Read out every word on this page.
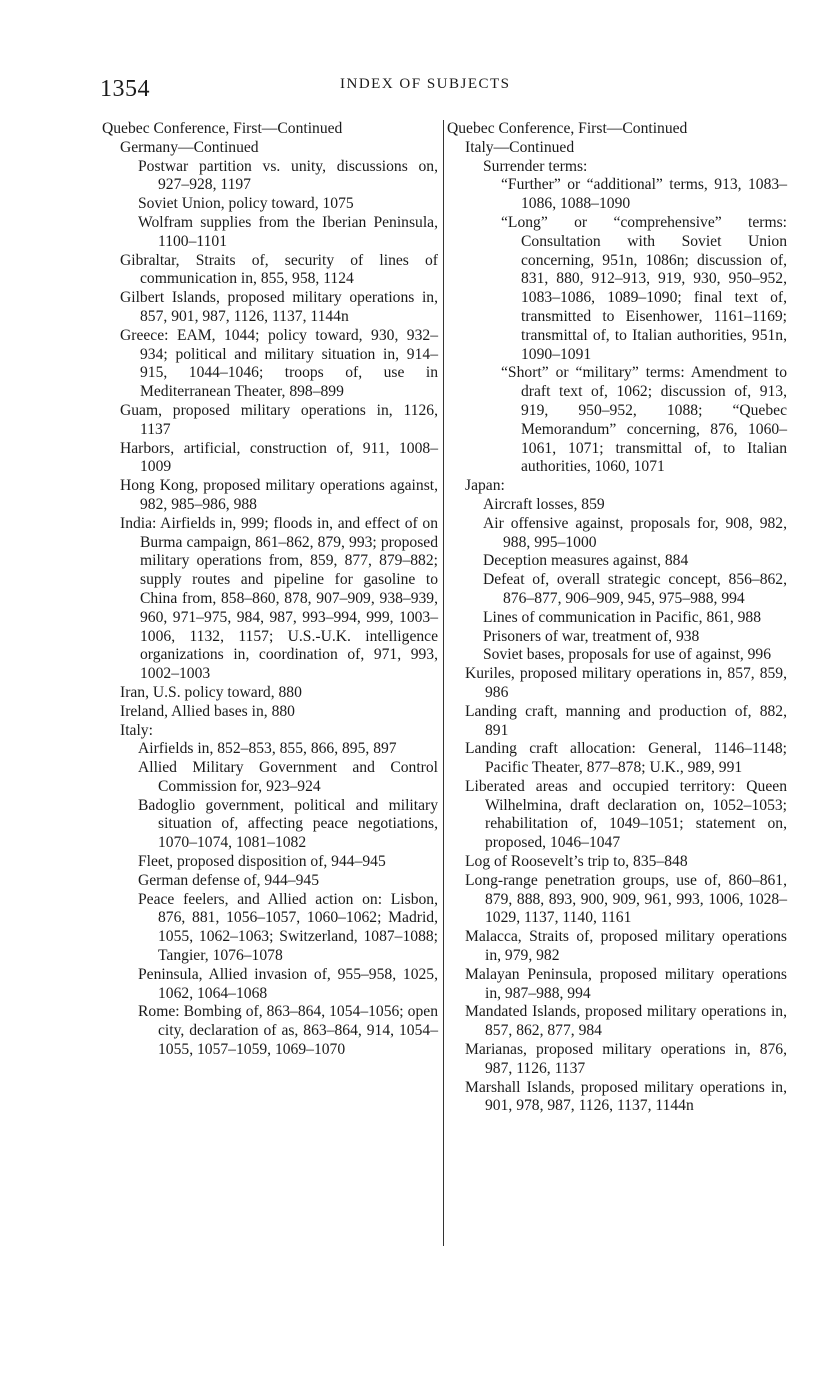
1354	INDEX OF SUBJECTS
Quebec Conference, First—Continued
Germany—Continued
Postwar partition vs. unity, discussions on, 927–928, 1197
Soviet Union, policy toward, 1075
Wolfram supplies from the Iberian Peninsula, 1100–1101
Gibraltar, Straits of, security of lines of communication in, 855, 958, 1124
Gilbert Islands, proposed military operations in, 857, 901, 987, 1126, 1137, 1144n
Greece: EAM, 1044; policy toward, 930, 932–934; political and military situation in, 914–915, 1044–1046; troops of, use in Mediterranean Theater, 898–899
Guam, proposed military operations in, 1126, 1137
Harbors, artificial, construction of, 911, 1008–1009
Hong Kong, proposed military operations against, 982, 985–986, 988
India: Airfields in, 999; floods in, and effect of on Burma campaign, 861–862, 879, 993; proposed military operations from, 859, 877, 879–882; supply routes and pipeline for gasoline to China from, 858–860, 878, 907–909, 938–939, 960, 971–975, 984, 987, 993–994, 999, 1003–1006, 1132, 1157; U.S.-U.K. intelligence organizations in, coordination of, 971, 993, 1002–1003
Iran, U.S. policy toward, 880
Ireland, Allied bases in, 880
Italy:
Airfields in, 852–853, 855, 866, 895, 897
Allied Military Government and Control Commission for, 923–924
Badoglio government, political and military situation of, affecting peace negotiations, 1070–1074, 1081–1082
Fleet, proposed disposition of, 944–945
German defense of, 944–945
Peace feelers, and Allied action on: Lisbon, 876, 881, 1056–1057, 1060–1062; Madrid, 1055, 1062–1063; Switzerland, 1087–1088; Tangier, 1076–1078
Peninsula, Allied invasion of, 955–958, 1025, 1062, 1064–1068
Rome: Bombing of, 863–864, 1054–1056; open city, declaration of as, 863–864, 914, 1054–1055, 1057–1059, 1069–1070
Quebec Conference, First—Continued
Italy—Continued
Surrender terms:
“Further” or “additional” terms, 913, 1083–1086, 1088–1090
“Long” or “comprehensive” terms: Consultation with Soviet Union concerning, 951n, 1086n; discussion of, 831, 880, 912–913, 919, 930, 950–952, 1083–1086, 1089–1090; final text of, transmitted to Eisenhower, 1161–1169; transmittal of, to Italian authorities, 951n, 1090–1091
“Short” or “military” terms: Amendment to draft text of, 1062; discussion of, 913, 919, 950–952, 1088; “Quebec Memorandum” concerning, 876, 1060–1061, 1071; transmittal of, to Italian authorities, 1060, 1071
Japan:
Aircraft losses, 859
Air offensive against, proposals for, 908, 982, 988, 995–1000
Deception measures against, 884
Defeat of, overall strategic concept, 856–862, 876–877, 906–909, 945, 975–988, 994
Lines of communication in Pacific, 861, 988
Prisoners of war, treatment of, 938
Soviet bases, proposals for use of against, 996
Kuriles, proposed military operations in, 857, 859, 986
Landing craft, manning and production of, 882, 891
Landing craft allocation: General, 1146–1148; Pacific Theater, 877–878; U.K., 989, 991
Liberated areas and occupied territory: Queen Wilhelmina, draft declaration on, 1052–1053; rehabilitation of, 1049–1051; statement on, proposed, 1046–1047
Log of Roosevelt’s trip to, 835–848
Long-range penetration groups, use of, 860–861, 879, 888, 893, 900, 909, 961, 993, 1006, 1028–1029, 1137, 1140, 1161
Malacca, Straits of, proposed military operations in, 979, 982
Malayan Peninsula, proposed military operations in, 987–988, 994
Mandated Islands, proposed military operations in, 857, 862, 877, 984
Marianas, proposed military operations in, 876, 987, 1126, 1137
Marshall Islands, proposed military operations in, 901, 978, 987, 1126, 1137, 1144n
